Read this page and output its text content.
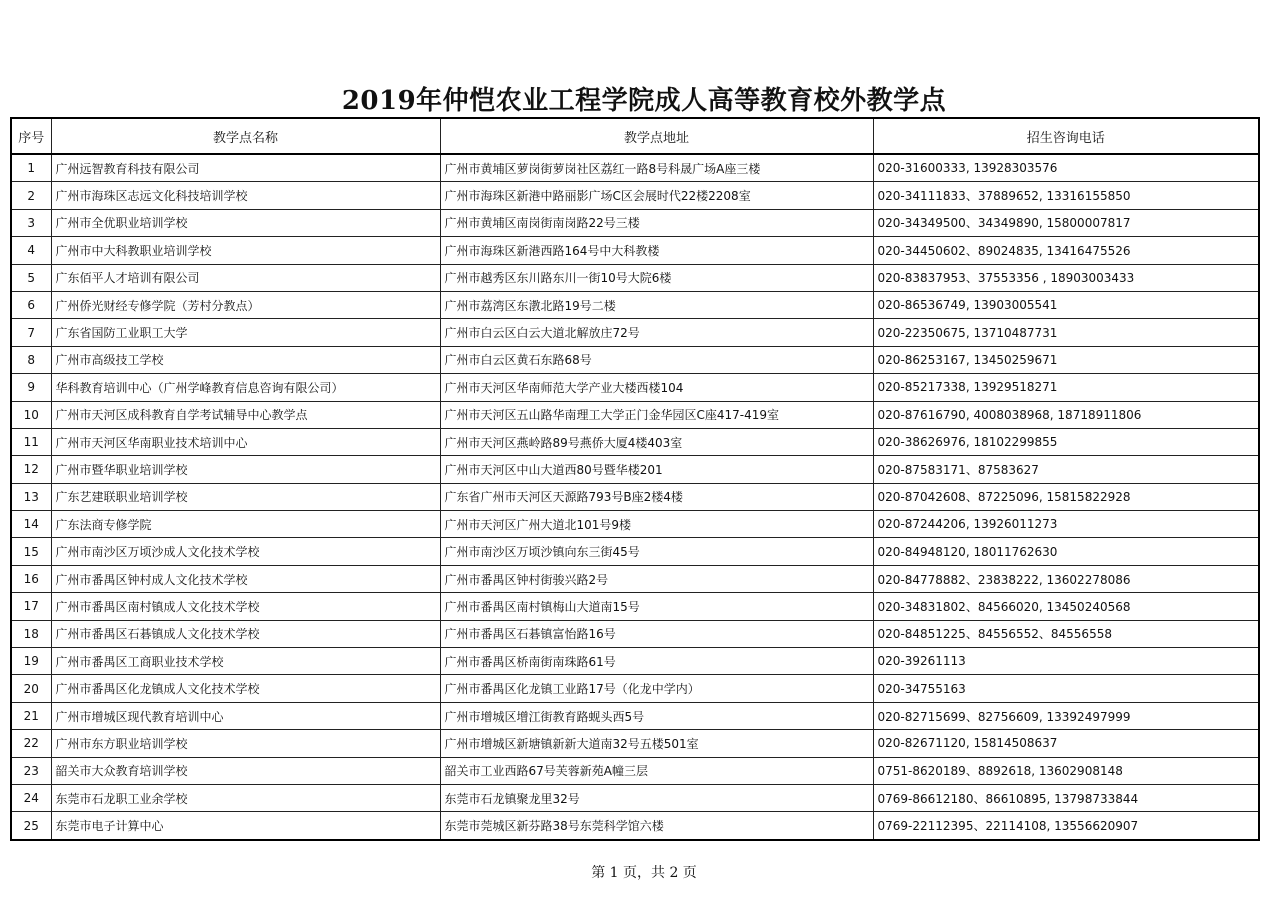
2019年仲恺农业工程学院成人高等教育校外教学点
序号	教学点名称	教学点地址	招生咨询电话
1	广州远智教育科技有限公司	广州市黄埔区萝岗街萝岗社区荔红一路8号科晟广场A座三楼	020-31600333, 13928303576
2	广州市海珠区志远文化科技培训学校	广州市海珠区新港中路丽影广场C区会展时代22楼2208室	020-34111833、37889652, 13316155850
3	广州市全优职业培训学校	广州市黄埔区南岗街南岗路22号三楼	020-34349500、34349890, 15800007817
4	广州市中大科教职业培训学校	广州市海珠区新港西路164号中大科教楼	020-34450602、89024835, 13416475526
5	广东佰平人才培训有限公司	广州市越秀区东川路东川一街10号大院6楼	020-83837953、37553356 , 18903003433
6	广州侨光财经专修学院（芳村分教点）	广州市荔湾区东漖北路19号二楼	020-86536749, 13903005541
7	广东省国防工业职工大学	广州市白云区白云大道北解放庄72号	020-22350675, 13710487731
8	广州市高级技工学校	广州市白云区黄石东路68号	020-86253167, 13450259671
9	华科教育培训中心（广州学峰教育信息咨询有限公司）	广州市天河区华南师范大学产业大楼西楼104	020-85217338, 13929518271
10	广州市天河区成科教育自学考试辅导中心教学点	广州市天河区五山路华南理工大学正门金华园区C座417-419室	020-87616790, 4008038968, 18718911806
11	广州市天河区华南职业技术培训中心	广州市天河区燕岭路89号燕侨大厦4楼403室	020-38626976, 18102299855
12	广州市暨华职业培训学校	广州市天河区中山大道西80号暨华楼201	020-87583171、87583627
13	广东艺建联职业培训学校	广东省广州市天河区天源路793号B座2楼4楼	020-87042608、87225096, 15815822928
14	广东法商专修学院	广州市天河区广州大道北101号9楼	020-87244206, 13926011273
15	广州市南沙区万顷沙成人文化技术学校	广州市南沙区万顷沙镇向东三街45号	020-84948120, 18011762630
16	广州市番禺区钟村成人文化技术学校	广州市番禺区钟村街骏兴路2号	020-84778882、23838222, 13602278086
17	广州市番禺区南村镇成人文化技术学校	广州市番禺区南村镇梅山大道南15号	020-34831802、84566020, 13450240568
18	广州市番禺区石碁镇成人文化技术学校	广州市番禺区石碁镇富怡路16号	020-84851225、84556552、84556558
19	广州市番禺区工商职业技术学校	广州市番禺区桥南街南珠路61号	020-39261113
20	广州市番禺区化龙镇成人文化技术学校	广州市番禺区化龙镇工业路17号（化龙中学内）	020-34755163
21	广州市增城区现代教育培训中心	广州市增城区增江街教育路蚬头西5号	020-82715699、82756609, 13392497999
22	广州市东方职业培训学校	广州市增城区新塘镇新新大道南32号五楼501室	020-82671120, 15814508637
23	韶关市大众教育培训学校	韶关市工业西路67号芙蓉新苑A幢三层	0751-8620189、8892618, 13602908148
24	东莞市石龙职工业余学校	东莞市石龙镇聚龙里32号	0769-86612180、86610895, 13798733844
25	东莞市电子计算中心	东莞市莞城区新芬路38号东莞科学馆六楼	0769-22112395、22114108, 13556620907
第 1 页，共 2 页
